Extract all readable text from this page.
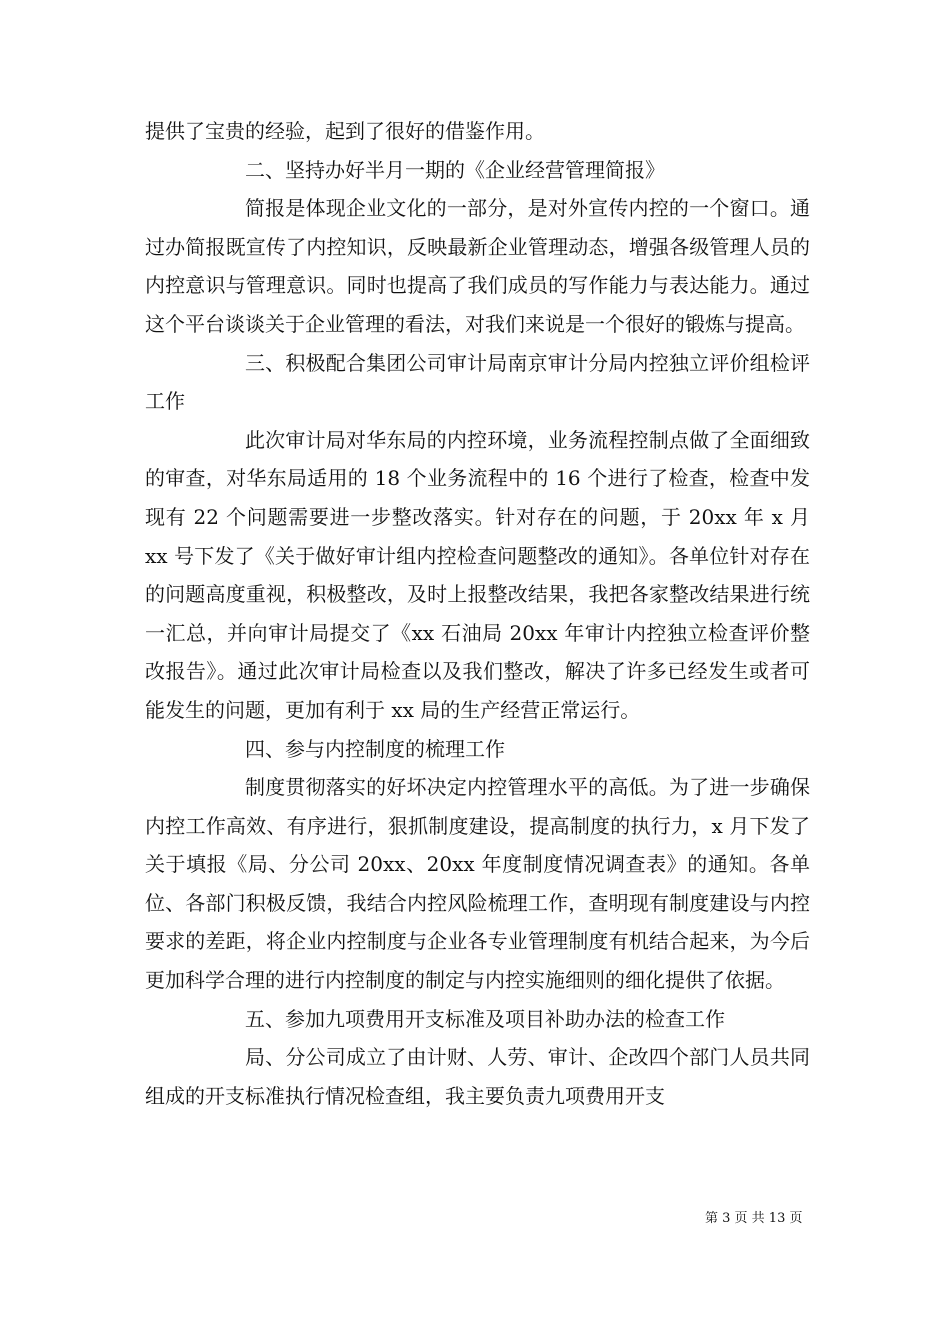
提供了宝贵的经验，起到了很好的借鉴作用。

二、坚持办好半月一期的《企业经营管理简报》

简报是体现企业文化的一部分，是对外宣传内控的一个窗口。通过办简报既宣传了内控知识，反映最新企业管理动态，增强各级管理人员的内控意识与管理意识。同时也提高了我们成员的写作能力与表达能力。通过这个平台谈谈关于企业管理的看法，对我们来说是一个很好的锻炼与提高。

三、积极配合集团公司审计局南京审计分局内控独立评价组检评工作

此次审计局对华东局的内控环境，业务流程控制点做了全面细致的审查，对华东局适用的 18 个业务流程中的 16 个进行了检查，检查中发现有 22 个问题需要进一步整改落实。针对存在的问题，于 20xx 年 x 月 xx 号下发了《关于做好审计组内控检查问题整改的通知》。各单位针对存在的问题高度重视，积极整改，及时上报整改结果，我把各家整改结果进行统一汇总，并向审计局提交了《xx 石油局 20xx 年审计内控独立检查评价整改报告》。通过此次审计局检查以及我们整改，解决了许多已经发生或者可能发生的问题，更加有利于 xx 局的生产经营正常运行。

四、参与内控制度的梳理工作

制度贯彻落实的好坏决定内控管理水平的高低。为了进一步确保内控工作高效、有序进行，狠抓制度建设，提高制度的执行力，x 月下发了关于填报《局、分公司 20xx、20xx 年度制度情况调查表》的通知。各单位、各部门积极反馈，我结合内控风险梳理工作，查明现有制度建设与内控要求的差距，将企业内控制度与企业各专业管理制度有机结合起来，为今后更加科学合理的进行内控制度的制定与内控实施细则的细化提供了依据。

五、参加九项费用开支标准及项目补助办法的检查工作

局、分公司成立了由计财、人劳、审计、企改四个部门人员共同组成的开支标准执行情况检查组，我主要负责九项费用开支

第 3 页 共 13 页
